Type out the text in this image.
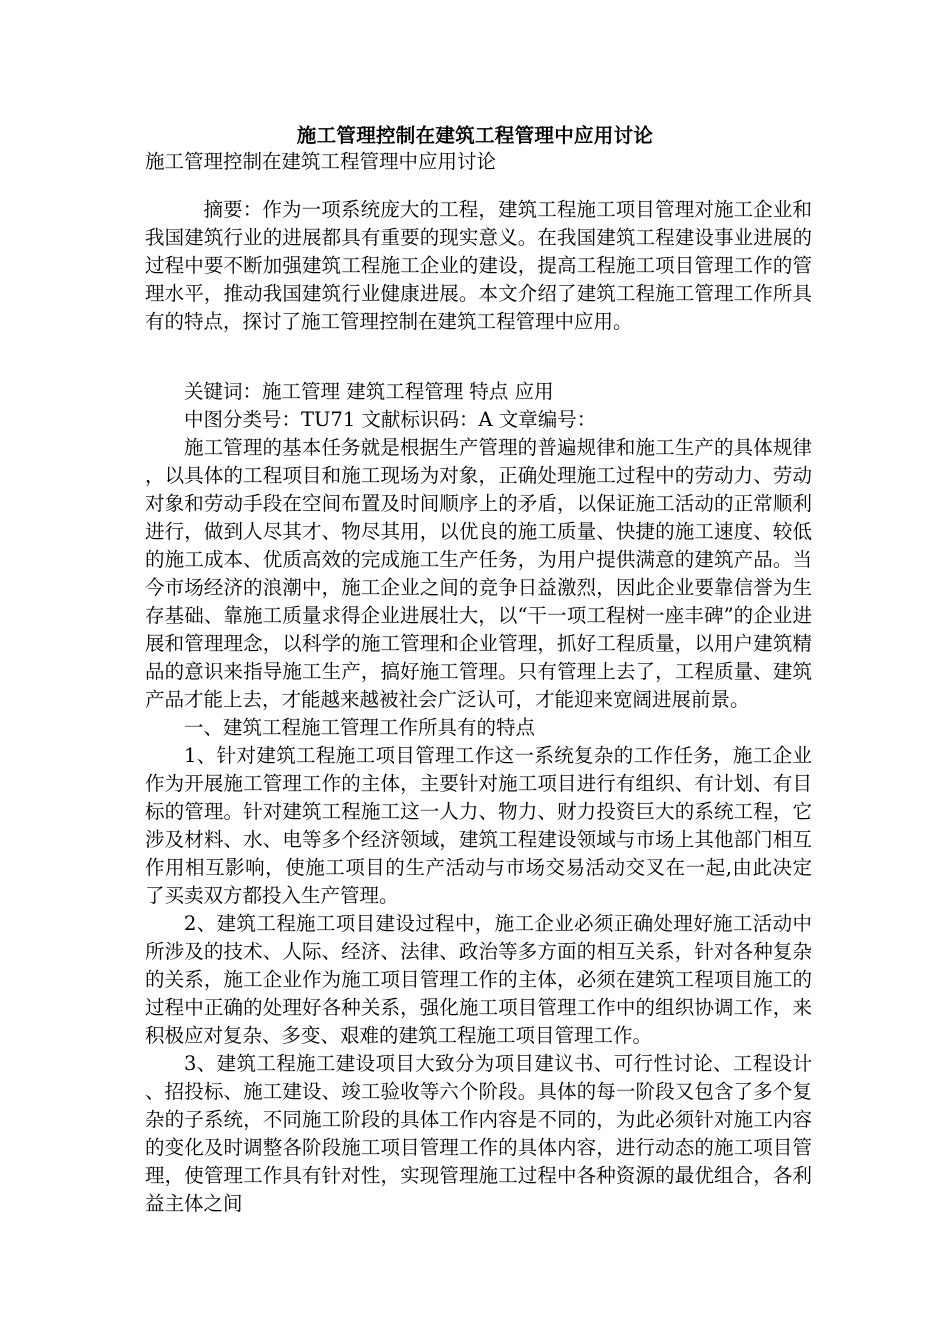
施工管理控制在建筑工程管理中应用讨论
施工管理控制在建筑工程管理中应用讨论

摘要：作为一项系统庞大的工程，建筑工程施工项目管理对施工企业和我国建筑行业的进展都具有重要的现实意义。在我国建筑工程建设事业进展的过程中要不断加强建筑工程施工企业的建设，提高工程施工项目管理工作的管理水平，推动我国建筑行业健康进展。本文介绍了建筑工程施工管理工作所具有的特点，探讨了施工管理控制在建筑工程管理中应用。

关键词：施工管理 建筑工程管理 特点 应用

中图分类号：TU71 文献标识码：A 文章编号：

施工管理的基本任务就是根据生产管理的普遍规律和施工生产的具体规律，以具体的工程项目和施工现场为对象，正确处理施工过程中的劳动力、劳动对象和劳动手段在空间布置及时间顺序上的矛盾，以保证施工活动的正常顺利进行，做到人尽其才、物尽其用，以优良的施工质量、快捷的施工速度、较低的施工成本、优质高效的完成施工生产任务，为用户提供满意的建筑产品。当今市场经济的浪潮中，施工企业之间的竞争日益激烈，因此企业要靠信誉为生存基础、靠施工质量求得企业进展壮大，以“干一项工程树一座丰碑”的企业进展和管理理念，以科学的施工管理和企业管理，抓好工程质量，以用户建筑精品的意识来指导施工生产，搞好施工管理。只有管理上去了，工程质量、建筑产品才能上去，才能越来越被社会广泛认可，才能迎来宽阔进展前景。

一、建筑工程施工管理工作所具有的特点

1、针对建筑工程施工项目管理工作这一系统复杂的工作任务，施工企业作为开展施工管理工作的主体，主要针对施工项目进行有组织、有计划、有目标的管理。针对建筑工程施工这一人力、物力、财力投资巨大的系统工程，它涉及材料、水、电等多个经济领域，建筑工程建设领域与市场上其他部门相互作用相互影响，使施工项目的生产活动与市场交易活动交叉在一起,由此决定了买卖双方都投入生产管理。

2、建筑工程施工项目建设过程中，施工企业必须正确处理好施工活动中所涉及的技术、人际、经济、法律、政治等多方面的相互关系，针对各种复杂的关系，施工企业作为施工项目管理工作的主体，必须在建筑工程项目施工的过程中正确的处理好各种关系，强化施工项目管理工作中的组织协调工作，来积极应对复杂、多变、艰难的建筑工程施工项目管理工作。

3、建筑工程施工建设项目大致分为项目建议书、可行性讨论、工程设计、招投标、施工建设、竣工验收等六个阶段。具体的每一阶段又包含了多个复杂的子系统，不同施工阶段的具体工作内容是不同的，为此必须针对施工内容的变化及时调整各阶段施工项目管理工作的具体内容，进行动态的施工项目管理，使管理工作具有针对性，实现管理施工过程中各种资源的最优组合，各利益主体之间
